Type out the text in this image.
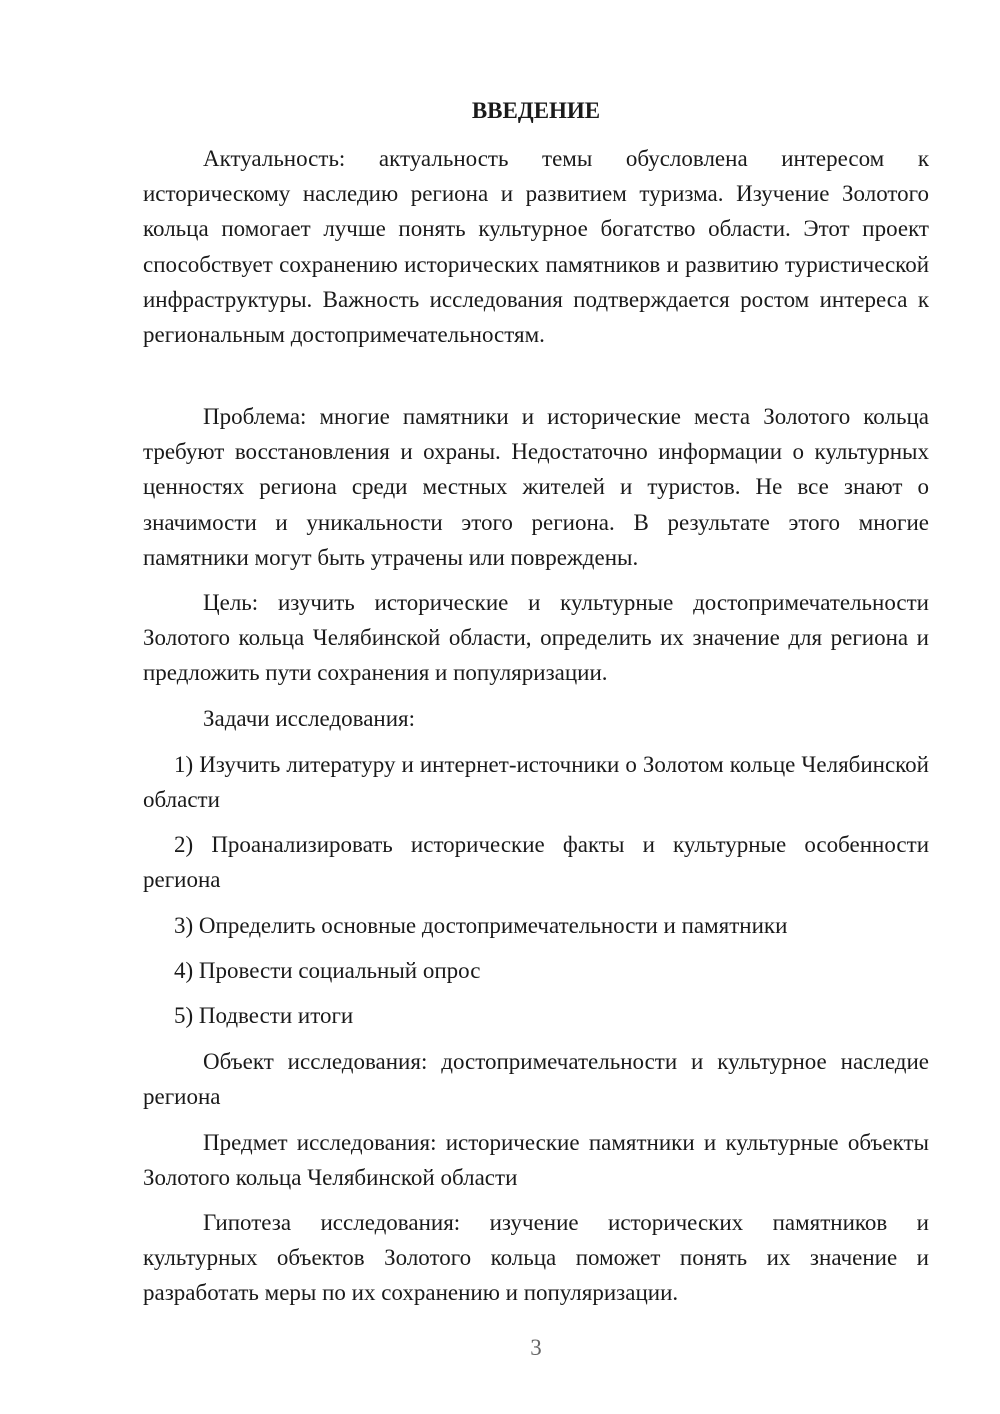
ВВЕДЕНИЕ

Актуальность: актуальность темы обусловлена интересом к историческому наследию региона и развитием туризма. Изучение Золотого кольца помогает лучше понять культурное богатство области. Этот проект способствует сохранению исторических памятников и развитию туристической инфраструктуры. Важность исследования подтверждается ростом интереса к региональным достопримечательностям.

Проблема: многие памятники и исторические места Золотого кольца требуют восстановления и охраны. Недостаточно информации о культурных ценностях региона среди местных жителей и туристов. Не все знают о значимости и уникальности этого региона. В результате этого многие памятники могут быть утрачены или повреждены.

Цель: изучить исторические и культурные достопримечательности Золотого кольца Челябинской области, определить их значение для региона и предложить пути сохранения и популяризации.

Задачи исследования:

1) Изучить литературу и интернет-источники о Золотом кольце Челябинской области

2) Проанализировать исторические факты и культурные особенности региона

3) Определить основные достопримечательности и памятники

4) Провести социальный опрос

5) Подвести итоги

Объект исследования: достопримечательности и культурное наследие региона

Предмет исследования: исторические памятники и культурные объекты Золотого кольца Челябинской области

Гипотеза исследования: изучение исторических памятников и культурных объектов Золотого кольца поможет понять их значение и разработать меры по их сохранению и популяризации.

3
